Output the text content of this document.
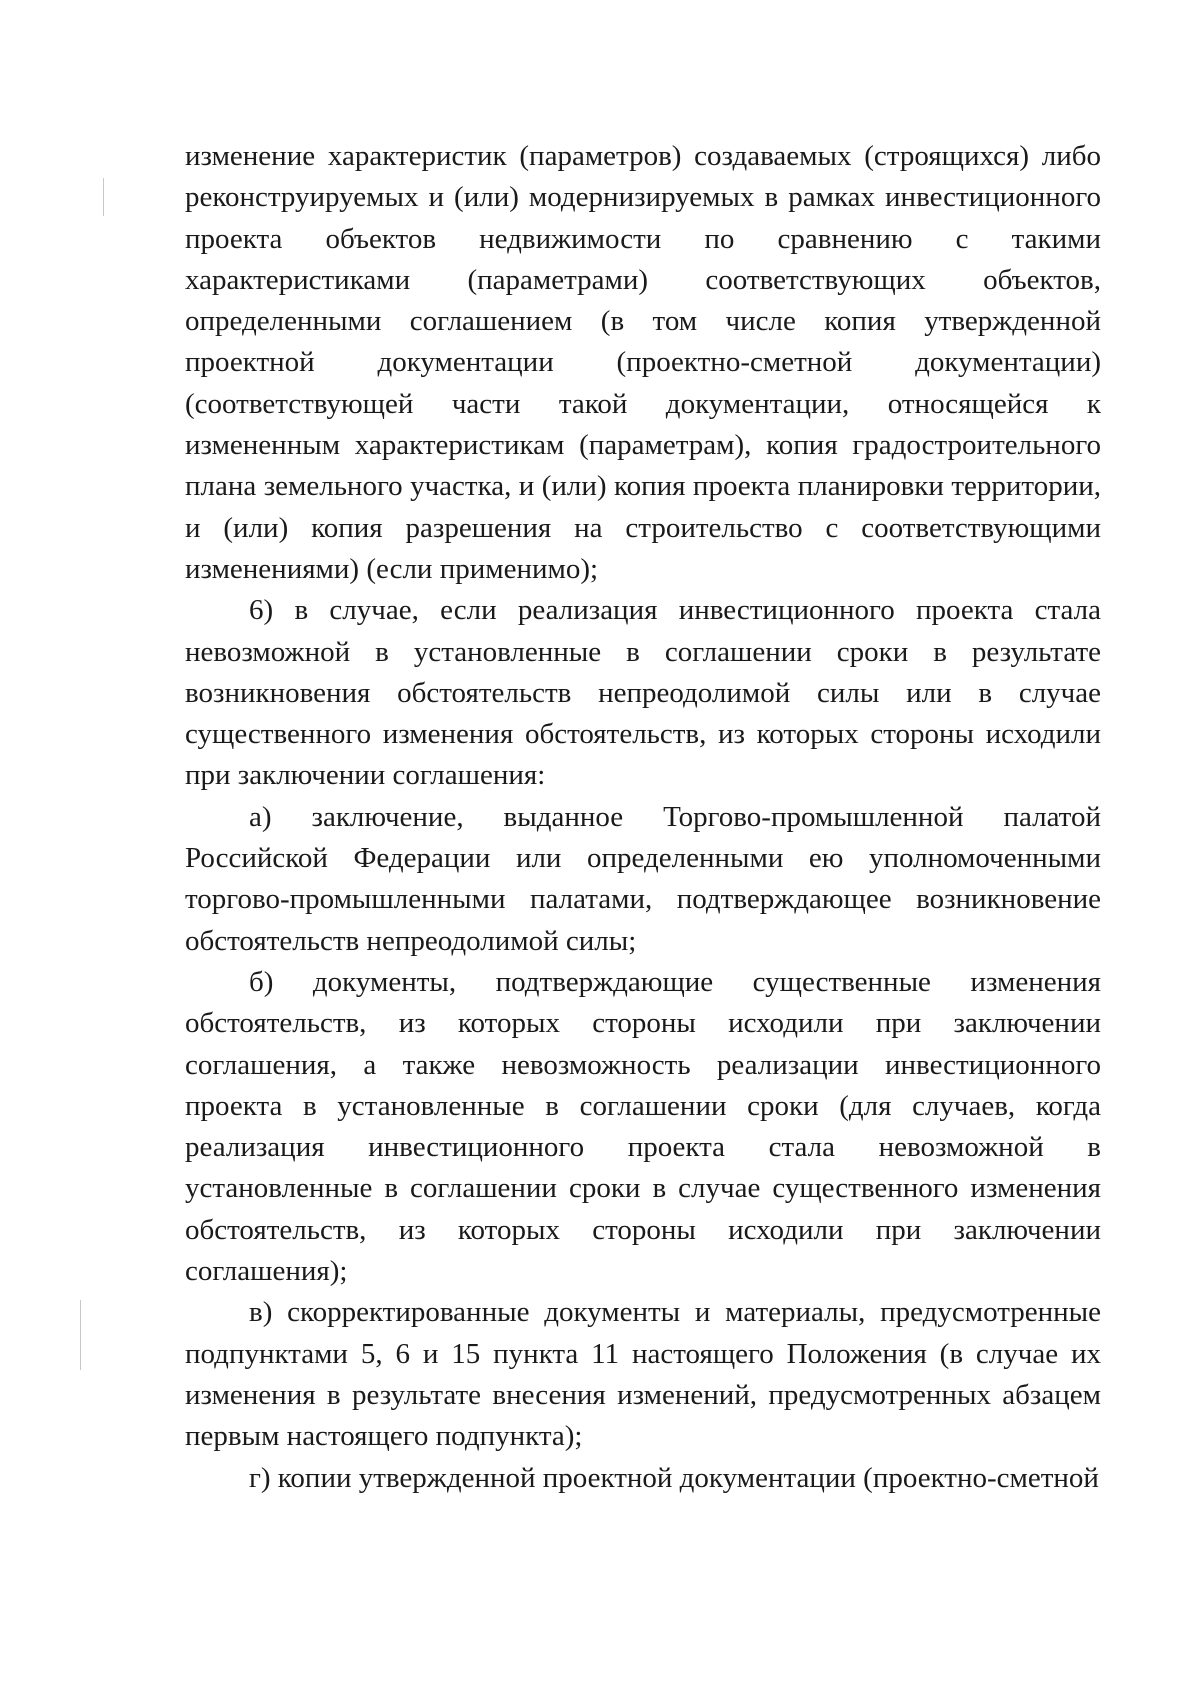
изменение характеристик (параметров) создаваемых (строящихся) либо реконструируемых и (или) модернизируемых в рамках инвестиционного проекта объектов недвижимости по сравнению с такими характеристиками (параметрами) соответствующих объектов, определенными соглашением (в том числе копия утвержденной проектной документации (проектно-сметной документации) (соответствующей части такой документации, относящейся к измененным характеристикам (параметрам), копия градостроительного плана земельного участка, и (или) копия проекта планировки территории, и (или) копия разрешения на строительство с соответствующими изменениями) (если применимо);

6) в случае, если реализация инвестиционного проекта стала невозможной в установленные в соглашении сроки в результате возникновения обстоятельств непреодолимой силы или в случае существенного изменения обстоятельств, из которых стороны исходили при заключении соглашения:

а) заключение, выданное Торгово-промышленной палатой Российской Федерации или определенными ею уполномоченными торгово-промышленными палатами, подтверждающее возникновение обстоятельств непреодолимой силы;

б) документы, подтверждающие существенные изменения обстоятельств, из которых стороны исходили при заключении соглашения, а также невозможность реализации инвестиционного проекта в установленные в соглашении сроки (для случаев, когда реализация инвестиционного проекта стала невозможной в установленные в соглашении сроки в случае существенного изменения обстоятельств, из которых стороны исходили при заключении соглашения);

в) скорректированные документы и материалы, предусмотренные подпунктами 5, 6 и 15 пункта 11 настоящего Положения (в случае их изменения в результате внесения изменений, предусмотренных абзацем первым настоящего подпункта);

г) копии утвержденной проектной документации (проектно-сметной
